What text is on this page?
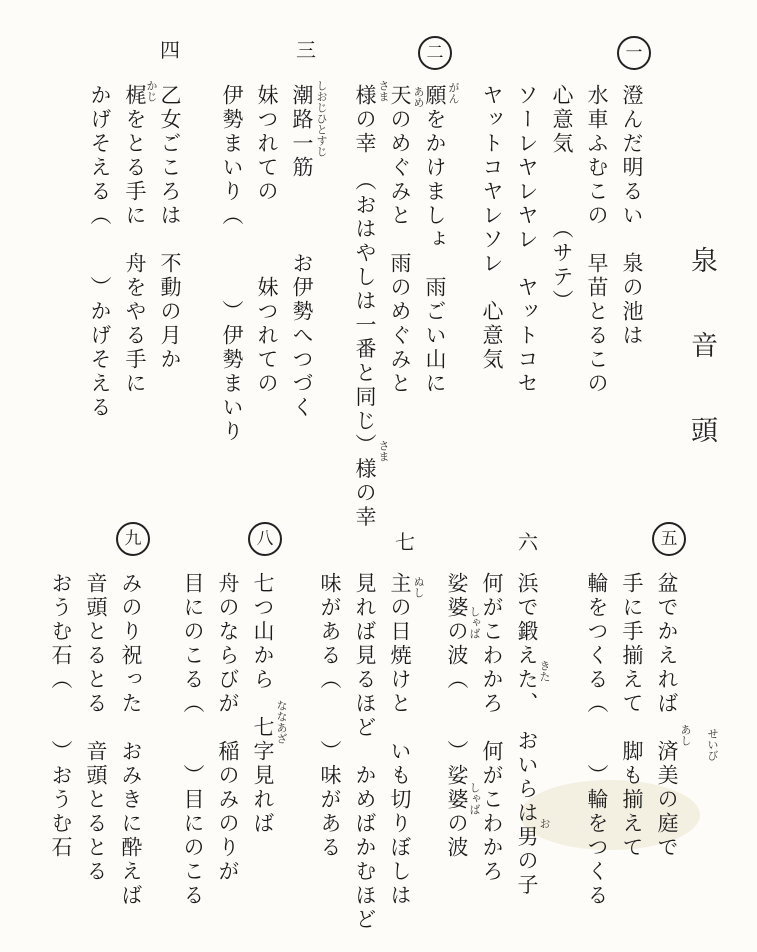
泉音頭
一
澄んだ明るい　泉の池は
水車ふむこの　早苗とるこの
心意気　　　（サテ）
ソーレヤレヤレ　ヤットコセ
ヤットコヤレソレ　心意気
二
がん
願をかけましょ　雨ごい山に
あめ
天のめぐみと　雨のめぐみと
さま
様の幸　（おはやしは一番と同じ）様の幸 さま
三
しおじひとすじ
潮路一筋　　　お伊勢へつづく
妹つれての　　　妹つれての
伊勢まいり（　　　）伊勢まいり
四
乙女ごころは　不動の月か
かじ
梶をとる手に　舟をやる手に
かげそえる（　　）かげそえる
五
盆でかえれば　済美の庭で せいび
手に手揃えて　脚も揃えて	あし
輪をつくる（　　）輪をつくる
六
浜で鍛えた、　おいらは男の子 きた
お
何がこわかろ　何がこわかろ
しゃば
娑婆の波（　　）娑婆の波 しゃば
七
ぬし
主の日焼けと　いも切りぼしは
見れば見るほど　かめばかむほど
味がある（　　）味がある
八
七つ山から　七字見れば ななあざ
舟のならびが　稲のみのりが
目にのこる（　　）目にのこる
九
みのり祝った　おみきに酔えば
音頭とるとる　音頭とるとる
おうむ石（　　）おうむ石
